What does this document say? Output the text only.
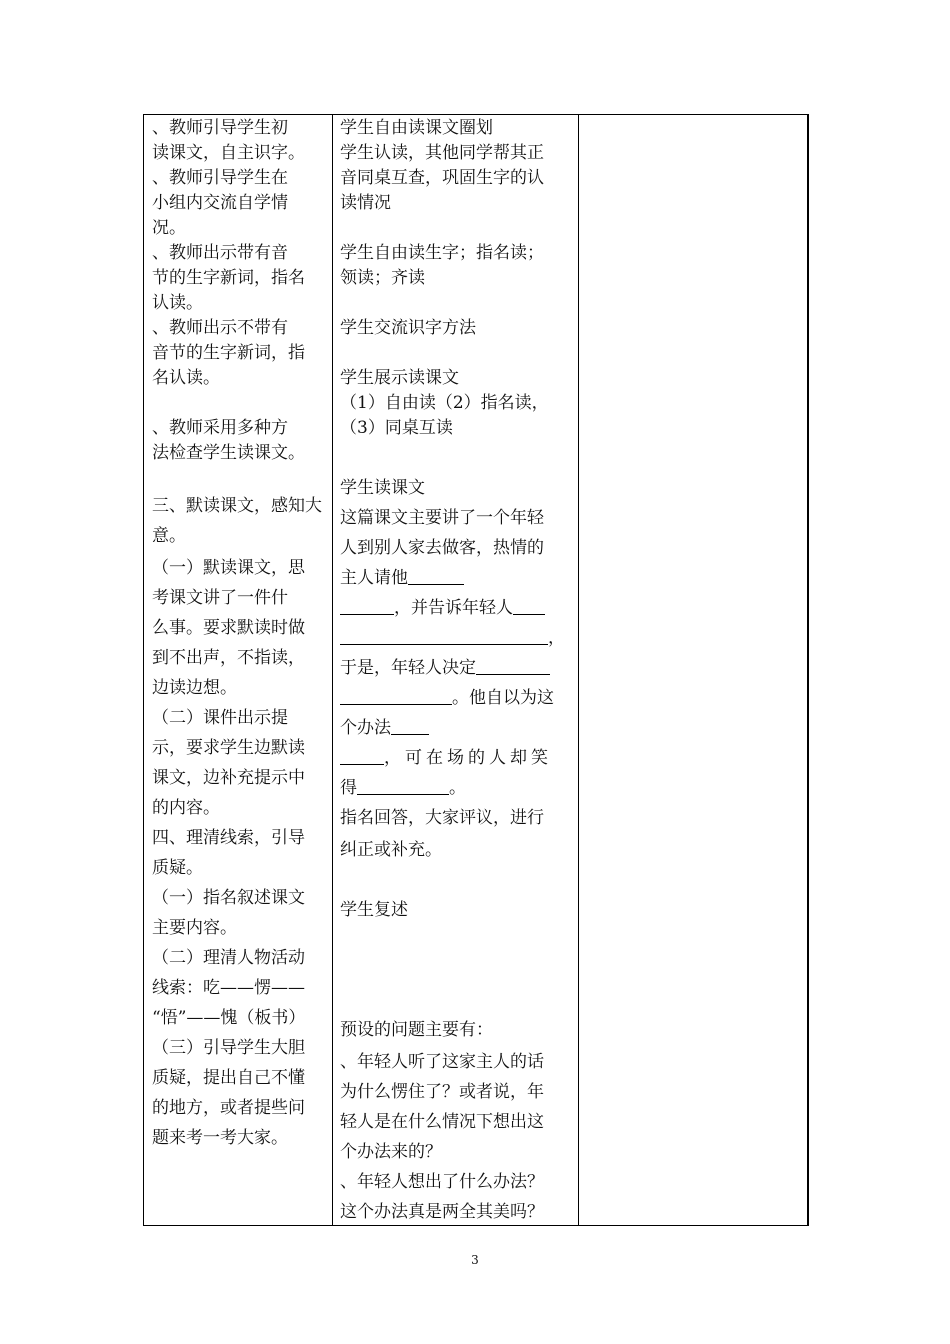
、教师引导学生初
读课文，自主识字。
、教师引导学生在
小组内交流自学情
况。
、教师出示带有音
节的生字新词，指名
认读。
、教师出示不带有
音节的生字新词，指
名认读。
、教师采用多种方
法检查学生读课文。
三、默读课文，感知大
意。
（一）默读课文，思
考课文讲了一件什
么事。要求默读时做
到不出声，不指读，
边读边想。
（二）课件出示提
示，要求学生边默读
课文，边补充提示中
的内容。
四、理清线索，引导
质疑。
（一）指名叙述课文
主要内容。
（二）理清人物活动
线索：吃——愣——
“悟”——愧（板书）
（三）引导学生大胆
质疑，提出自己不懂
的地方，或者提些问
题来考一考大家。
学生自由读课文圈划
学生认读，其他同学帮其正
音同桌互查，巩固生字的认
读情况
学生自由读生字；指名读；
领读；齐读
学生交流识字方法
学生展示读课文
（1）自由读（2）指名读，
（3）同桌互读
学生读课文
这篇课文主要讲了一个年轻
人到别人家去做客，热情的
主人请他
，并告诉年轻人
，
于是，年轻人决定
。他自以为这
个办法
，可在场的人却笑
得	。
指名回答，大家评议，进行
纠正或补充。
学生复述
预设的问题主要有：
、年轻人听了这家主人的话
为什么愣住了？或者说，年
轻人是在什么情况下想出这
个办法来的？
、年轻人想出了什么办法？
这个办法真是两全其美吗？
3
